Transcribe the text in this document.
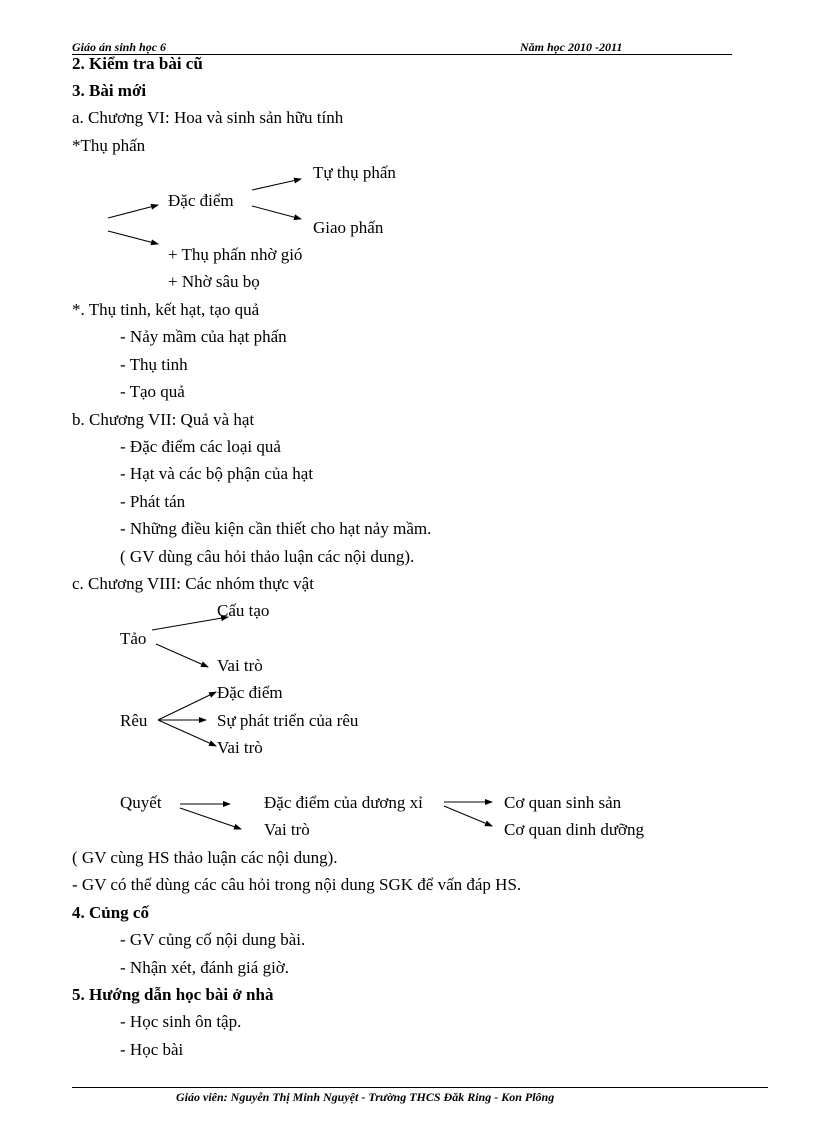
Giáo án sinh học 6	Năm học 2010 -2011
2. Kiểm tra bài cũ
3. Bài mới
a. Chương VI: Hoa và sinh sản hữu tính
*Thụ phấn
Tự thụ phấn
Đặc điểm
Giao phấn
+ Thụ phấn nhờ gió
+ Nhờ sâu bọ
*. Thụ tinh, kết hạt, tạo quả
- Nảy mầm của hạt phấn
- Thụ tinh
- Tạo quả
b. Chương VII: Quả và hạt
- Đặc điểm các loại quả
- Hạt và các bộ phận của hạt
- Phát tán
- Những điều kiện cần thiết cho hạt nảy mầm.
( GV dùng câu hỏi thảo luận các nội dung).
c. Chương VIII: Các nhóm thực vật
Cấu tạo
Tảo
Vai trò
Đặc điểm
Rêu	Sự phát triển của rêu
Vai trò
Quyết	Đặc điểm của dương xỉ	Cơ quan sinh sản
Vai trò	Cơ quan dinh dưỡng
( GV cùng HS thảo luận các nội dung).
- GV có thể dùng các câu hỏi trong nội dung SGK để vấn đáp HS.
4. Củng cố
- GV củng cố nội dung bài.
- Nhận xét, đánh giá giờ.
5. Hướng dẫn học bài ở nhà
- Học sinh ôn tập.
- Học bài
Giáo viên: Nguyễn Thị Minh Nguyệt - Trường THCS Đăk Ring - Kon Plông
